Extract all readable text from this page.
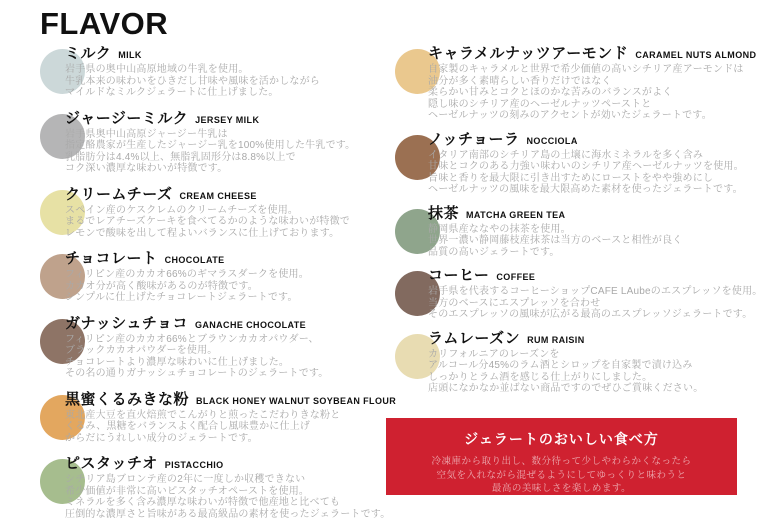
FLAVOR
ミルク MILK
岩手県の奥中山高原地域の牛乳を使用。
牛乳本来の味わいをひきだし甘味や風味を活かしながら
マイルドなミルクジェラートに仕上げました。
ジャージーミルク JERSEY MILK
岩手県奥中山高原ジャージー牛乳は
指定酪農家が生産したジャージー乳を100%使用した牛乳です。
乳脂肪分は4.4%以上、無脂乳固形分は8.8%以上で
コク深い濃厚な味わいが特徴です。
クリームチーズ CREAM CHEESE
スペイン産のケスクレムのクリームチーズを使用。
まるでレアチーズケーキを食べてるかのような味わいが特徴で
レモンで酸味を出して程よいバランスに仕上げております。
チョコレート CHOCOLATE
フィリピン産のカカオ66%のギマラスダークを使用。
カカオ分が高く酸味があるのが特徴です。
シンプルに仕上げたチョコレートジェラートです。
ガナッシュチョコ GANACHE CHOCOLATE
フィリピン産のカカオ66%とブラウンカカオパウダー、
ブラックカカオパウダーを使用。
チョコレートより濃厚な味わいに仕上げました。
その名の通りガナッシュチョコレートのジェラートです。
黒蜜くるみきな粉 BLACK HONEY WALNUT SOYBEAN FLOUR
東北産大豆を直火焙煎でこんがりと煎ったこだわりきな粉と
くるみ、黒糖をバランスよく配合し風味豊かに仕上げ
からだにうれしい成分のジェラートです。
ピスタッチオ PISTACCHIO
シチリア島ブロンテ産の2年に一度しか収穫できない
希少価値が非常に高いピスタッチオペーストを使用。
ミネラルを多く含み濃厚な味わいが特徴で他産地と比べても
圧倒的な濃厚さと旨味がある最高級品の素材を使ったジェラートです。
キャラメルナッツアーモンド CARAMEL NUTS ALMOND
自家製のキャラメルと世界で希少価値の高いシチリア産アーモンドは
油分が多く素晴らしい香りだけではなく
柔らかい甘みとコクとほのかな苦みのバランスがよく
隠し味のシチリア産のヘーゼルナッツペーストと
ヘーゼルナッツの刻みのアクセントが効いたジェラートです。
ノッチョーラ NOCCIOLA
イタリア南部のシチリア島の土壌に海水ミネラルを多く含み
甘味とコクのある力強い味わいのシチリア産ヘーゼルナッツを使用。
旨味と香りを最大限に引き出すためにローストをやや強めにし
ヘーゼルナッツの風味を最大限高めた素材を使ったジェラートです。
抹茶 MATCHA GREEN TEA
静岡県産ななやの抹茶を使用。
世界一濃い静岡藤枝産抹茶は当方のベースと相性が良く
品質の高いジェラートです。
コーヒー COFFEE
岩手県を代表するコーヒーショップCAFE LAubeのエスプレッソを使用。
当方のベースにエスプレッソを合わせ
そのエスプレッソの風味が広がる最高のエスプレッソジェラートです。
ラムレーズン RUM RAISIN
カリフォルニアのレーズンを
アルコール分45%のラム酒とシロップを自家製で漬け込み
しっかりとラム酒を感じる仕上がりにしました。
店頭になかなか並ばない商品ですのでぜひご賞味ください。
ジェラートのおいしい食べ方
冷凍庫から取り出し、数分待って少しやわらかくなったら
空気を入れながら混ぜるようにしてゆっくりと味わうと
最高の美味しさを楽しめます。
